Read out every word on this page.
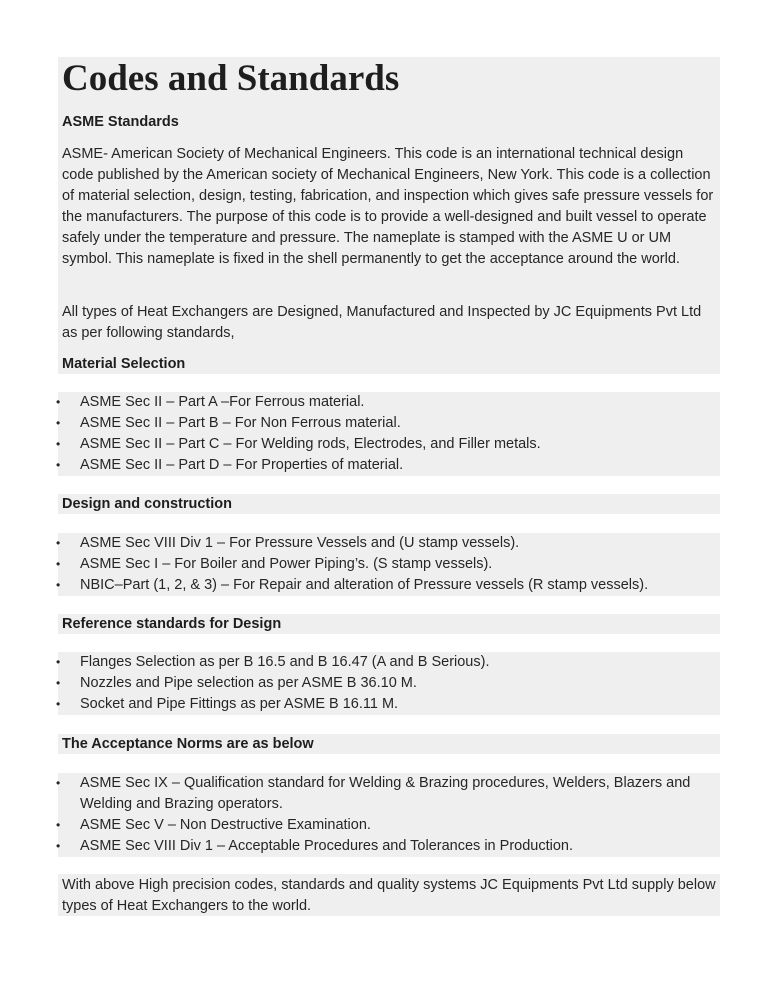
Codes and Standards
ASME Standards

ASME- American Society of Mechanical Engineers. This code is an international technical design code published by the American society of Mechanical Engineers, New York. This code is a collection of material selection, design, testing, fabrication, and inspection which gives safe pressure vessels for the manufacturers. The purpose of this code is to provide a well-designed and built vessel to operate safely under the temperature and pressure. The nameplate is stamped with the ASME U or UM symbol. This nameplate is fixed in the shell permanently to get the acceptance around the world.

All types of Heat Exchangers are Designed, Manufactured and Inspected by JC Equipments Pvt Ltd as per following standards,

Material Selection
• ASME Sec II – Part A –For Ferrous material.
• ASME Sec II – Part B – For Non Ferrous material.
• ASME Sec II – Part C – For Welding rods, Electrodes, and Filler metals.
• ASME Sec II – Part D – For Properties of material.
Design and construction
• ASME Sec VIII Div 1 – For Pressure Vessels and (U stamp vessels).
• ASME Sec I – For Boiler and Power Piping’s. (S stamp vessels).
• NBIC–Part (1, 2, & 3) – For Repair and alteration of Pressure vessels (R stamp vessels).
Reference standards for Design
• Flanges Selection as per B 16.5 and B 16.47 (A and B Serious).
• Nozzles and Pipe selection as per ASME B 36.10 M.
• Socket and Pipe Fittings as per ASME B 16.11 M.
The Acceptance Norms are as below
• ASME Sec IX – Qualification standard for Welding & Brazing procedures, Welders, Blazers and Welding and Brazing operators.
• ASME Sec V – Non Destructive Examination.
• ASME Sec VIII Div 1 – Acceptable Procedures and Tolerances in Production.

With above High precision codes, standards and quality systems JC Equipments Pvt Ltd supply below types of Heat Exchangers to the world.
